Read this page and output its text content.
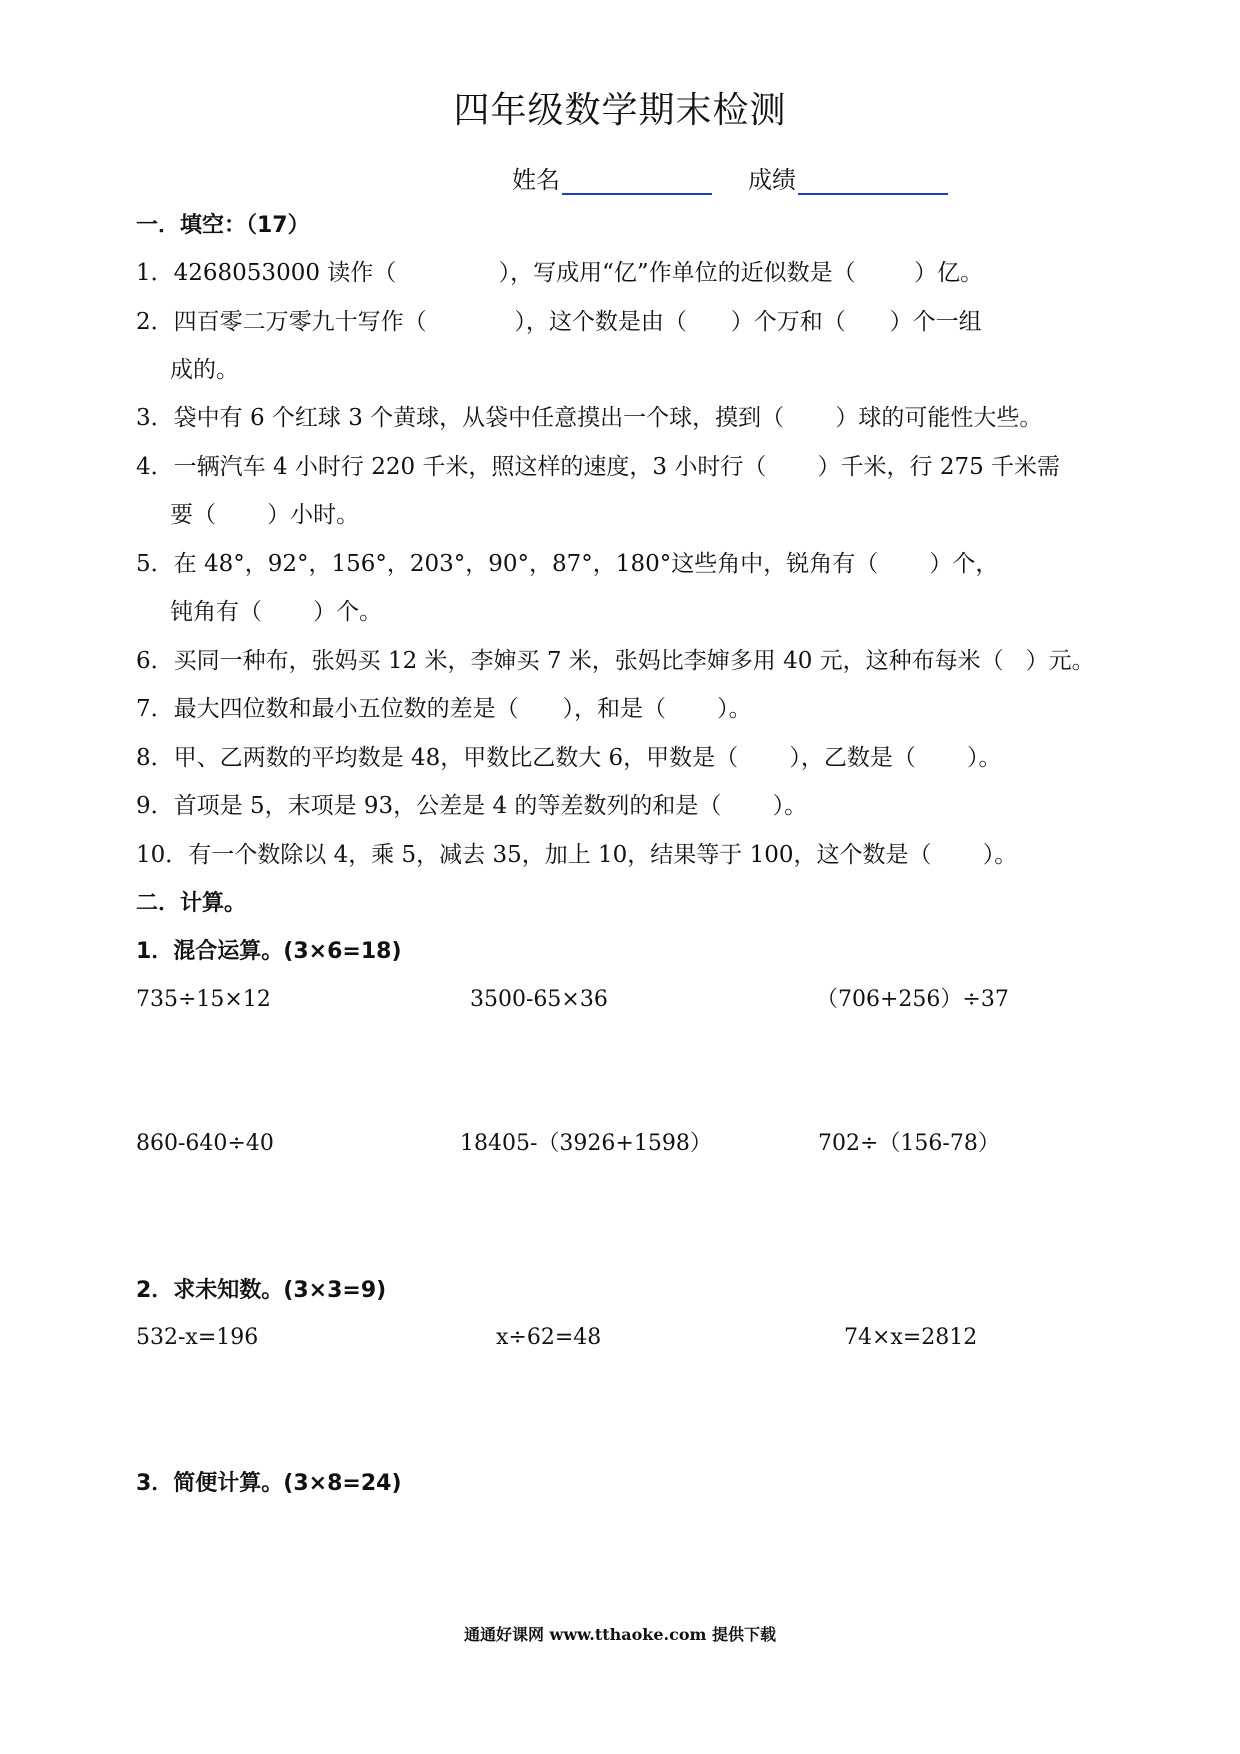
四年级数学期末检测
姓名	成绩
一．填空：（17）
1．4268053000 读作（              ），写成用“亿”作单位的近似数是（        ）亿。
2．四百零二万零九十写作（            ），这个数是由（      ）个万和（      ）个一组
成的。
3．袋中有 6 个红球 3 个黄球，从袋中任意摸出一个球，摸到（       ）球的可能性大些。
4．一辆汽车 4 小时行 220 千米，照这样的速度，3 小时行（       ）千米，行 275 千米需
要（       ）小时。
5．在 48°，92°，156°，203°，90°，87°，180°这些角中，锐角有（       ）个，
钝角有（       ）个。
6．买同一种布，张妈买 12 米，李婶买 7 米，张妈比李婶多用 40 元，这种布每米（   ）元。
7．最大四位数和最小五位数的差是（      ），和是（       ）。
8．甲、乙两数的平均数是 48，甲数比乙数大 6，甲数是（       ），乙数是（       ）。
9．首项是 5，末项是 93，公差是 4 的等差数列的和是（       ）。
10．有一个数除以 4，乘 5，减去 35，加上 10，结果等于 100，这个数是（       ）。
二．计算。
1．混合运算。(3×6=18)
735÷15×12	3500-65×36	（706+256）÷37
860-640÷40	18405-（3926+1598）	702÷（156-78）
2．求未知数。(3×3=9)
532-x=196	x÷62=48	74×x=2812
3．简便计算。(3×8=24)
通通好课网 www.tthaoke.com 提供下载
